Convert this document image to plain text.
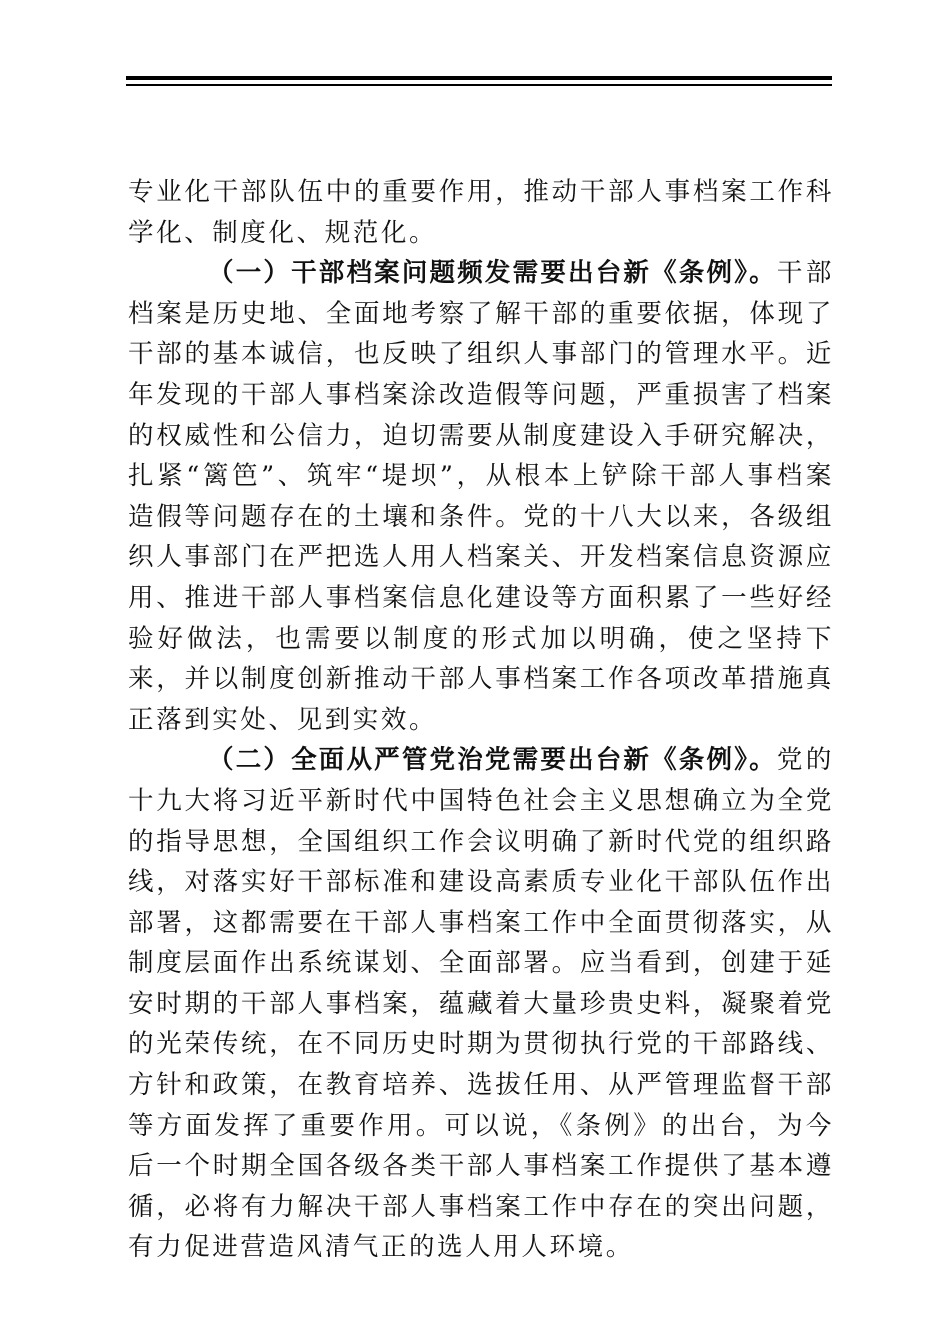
专业化干部队伍中的重要作用，推动干部人事档案工作科学化、制度化、规范化。

（一）干部档案问题频发需要出台新《条例》。干部档案是历史地、全面地考察了解干部的重要依据，体现了干部的基本诚信，也反映了组织人事部门的管理水平。近年发现的干部人事档案涂改造假等问题，严重损害了档案的权威性和公信力，迫切需要从制度建设入手研究解决，扎紧“篱笆”、筑牢“堤坝”，从根本上铲除干部人事档案造假等问题存在的土壤和条件。党的十八大以来，各级组织人事部门在严把选人用人档案关、开发档案信息资源应用、推进干部人事档案信息化建设等方面积累了一些好经验好做法，也需要以制度的形式加以明确，使之坚持下来，并以制度创新推动干部人事档案工作各项改革措施真正落到实处、见到实效。

（二）全面从严管党治党需要出台新《条例》。党的十九大将习近平新时代中国特色社会主义思想确立为全党的指导思想，全国组织工作会议明确了新时代党的组织路线，对落实好干部标准和建设高素质专业化干部队伍作出部署，这都需要在干部人事档案工作中全面贯彻落实，从制度层面作出系统谋划、全面部署。应当看到，创建于延安时期的干部人事档案，蕴藏着大量珍贵史料，凝聚着党的光荣传统，在不同历史时期为贯彻执行党的干部路线、方针和政策，在教育培养、选拔任用、从严管理监督干部等方面发挥了重要作用。可以说，《条例》的出台，为今后一个时期全国各级各类干部人事档案工作提供了基本遵循，必将有力解决干部人事档案工作中存在的突出问题，有力促进营造风清气正的选人用人环境。
